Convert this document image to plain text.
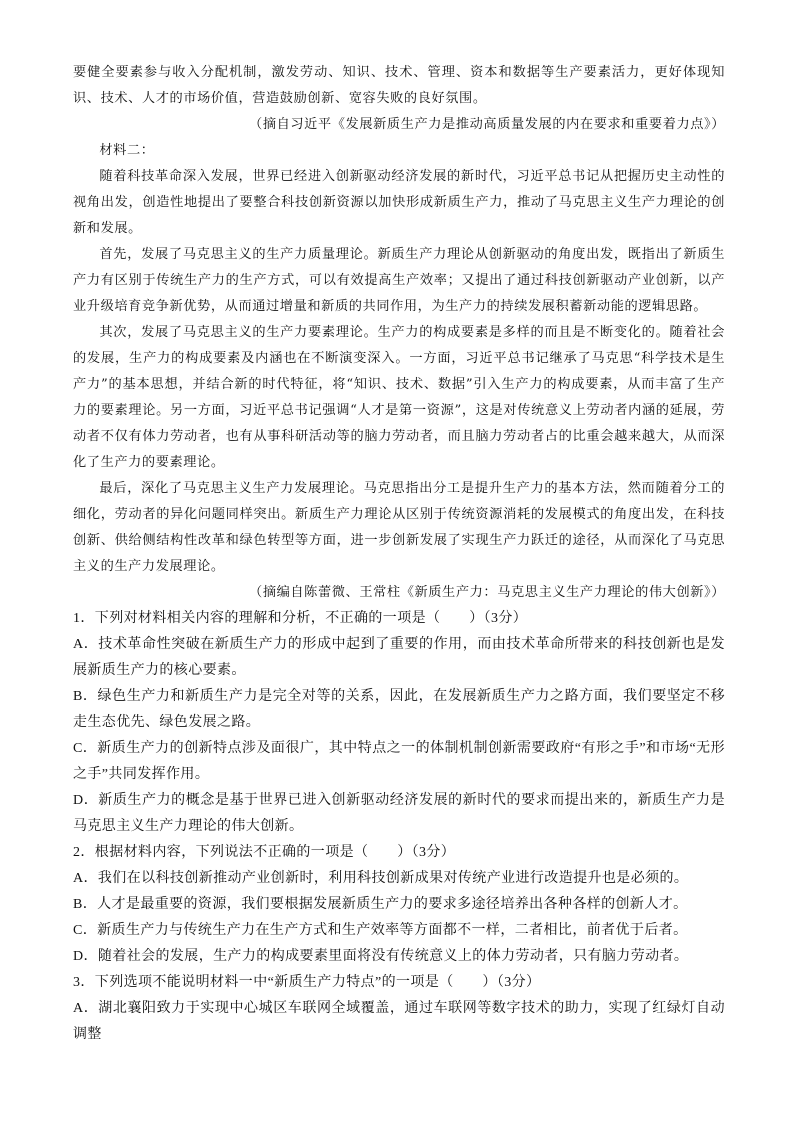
要健全要素参与收入分配机制，激发劳动、知识、技术、管理、资本和数据等生产要素活力，更好体现知识、技术、人才的市场价值，营造鼓励创新、宽容失败的良好氛围。

（摘自习近平《发展新质生产力是推动高质量发展的内在要求和重要着力点》）

材料二：

随着科技革命深入发展，世界已经进入创新驱动经济发展的新时代，习近平总书记从把握历史主动性的视角出发，创造性地提出了要整合科技创新资源以加快形成新质生产力，推动了马克思主义生产力理论的创新和发展。

首先，发展了马克思主义的生产力质量理论。新质生产力理论从创新驱动的角度出发，既指出了新质生产力有区别于传统生产力的生产方式，可以有效提高生产效率；又提出了通过科技创新驱动产业创新，以产业升级培育竞争新优势，从而通过增量和新质的共同作用，为生产力的持续发展积蓄新动能的逻辑思路。

其次，发展了马克思主义的生产力要素理论。生产力的构成要素是多样的而且是不断变化的。随着社会的发展，生产力的构成要素及内涵也在不断演变深入。一方面，习近平总书记继承了马克思“科学技术是生产力”的基本思想，并结合新的时代特征，将“知识、技术、数据”引入生产力的构成要素，从而丰富了生产力的要素理论。另一方面，习近平总书记强调“人才是第一资源”，这是对传统意义上劳动者内涵的延展，劳动者不仅有体力劳动者，也有从事科研活动等的脑力劳动者，而且脑力劳动者占的比重会越来越大，从而深化了生产力的要素理论。

最后，深化了马克思主义生产力发展理论。马克思指出分工是提升生产力的基本方法，然而随着分工的细化，劳动者的异化问题同样突出。新质生产力理论从区别于传统资源消耗的发展模式的角度出发，在科技创新、供给侧结构性改革和绿色转型等方面，进一步创新发展了实现生产力跃迁的途径，从而深化了马克思主义的生产力发展理论。

（摘编自陈蕾微、王常柱《新质生产力：马克思主义生产力理论的伟大创新》）

1．下列对材料相关内容的理解和分析，不正确的一项是（　　）（3分）

A．技术革命性突破在新质生产力的形成中起到了重要的作用，而由技术革命所带来的科技创新也是发展新质生产力的核心要素。

B．绿色生产力和新质生产力是完全对等的关系，因此，在发展新质生产力之路方面，我们要坚定不移走生态优先、绿色发展之路。

C．新质生产力的创新特点涉及面很广，其中特点之一的体制机制创新需要政府“有形之手”和市场“无形之手”共同发挥作用。

D．新质生产力的概念是基于世界已进入创新驱动经济发展的新时代的要求而提出来的，新质生产力是马克思主义生产力理论的伟大创新。

2．根据材料内容，下列说法不正确的一项是（　　）（3分）

A．我们在以科技创新推动产业创新时，利用科技创新成果对传统产业进行改造提升也是必须的。

B．人才是最重要的资源，我们要根据发展新质生产力的要求多途径培养出各种各样的创新人才。

C．新质生产力与传统生产力在生产方式和生产效率等方面都不一样，二者相比，前者优于后者。

D．随着社会的发展，生产力的构成要素里面将没有传统意义上的体力劳动者，只有脑力劳动者。

3．下列选项不能说明材料一中“新质生产力特点”的一项是（　　）（3分）

A．湖北襄阳致力于实现中心城区车联网全域覆盖，通过车联网等数字技术的助力，实现了红绿灯自动调整
